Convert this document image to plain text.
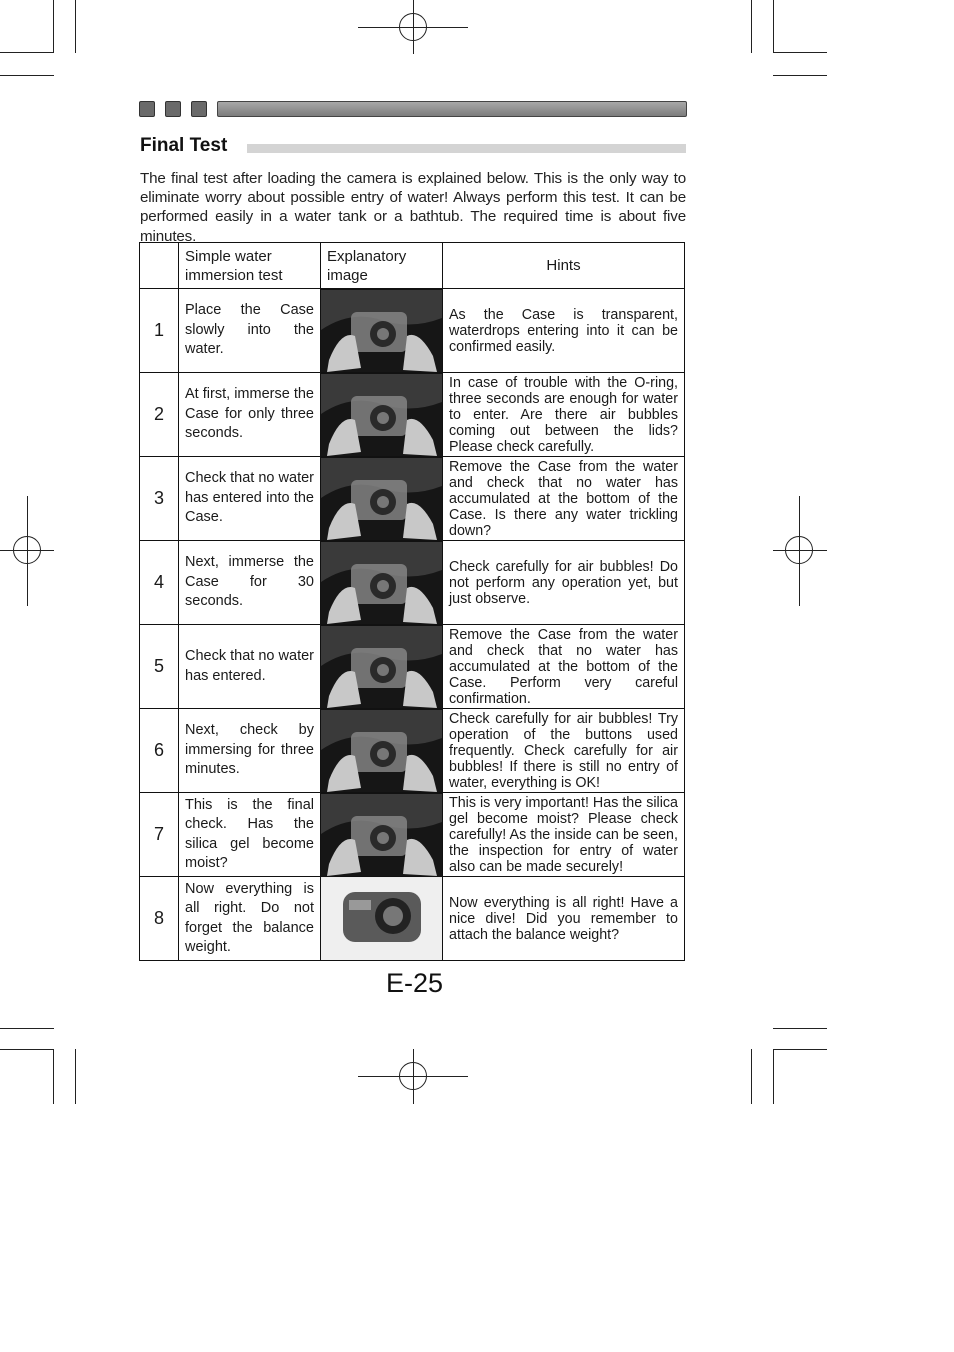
Final Test
The final test after loading the camera is explained below. This is the only way to eliminate worry about possible entry of water! Always perform this test. It can be performed easily in a water tank or a bathtub. The required time is about five minutes.
	Simple water immersion test	Explanatory image	Hints
1	Place the Case slowly into the water.		As the Case is transparent, waterdrops entering into it can be confirmed easily.
2	At first, immerse the Case for only three seconds.		In case of trouble with the O-ring, three seconds are enough for water to enter. Are there air bubbles coming out between the lids? Please check carefully.
3	Check that no water has entered into the Case.		Remove the Case from the water and check that no water has accumulated at the bottom of the Case. Is there any water trickling down?
4	Next, immerse the Case for 30 seconds.		Check carefully for air bubbles! Do not perform any operation yet, but just observe.
5	Check that no water has entered.		Remove the Case from the water and check that no water has accumulated at the bottom of the Case. Perform very careful confirmation.
6	Next, check by immersing for three minutes.		Check carefully for air bubbles! Try operation of the buttons used frequently. Check carefully for air bubbles! If there is still no entry of water, everything is OK!
7	This is the final check. Has the silica gel become moist?		This is very important! Has the silica gel become moist? Please check carefully! As the inside can be seen, the inspection for entry of water also can be made securely!
8	Now everything is all right. Do not forget the balance weight.		Now everything is all right! Have a nice dive! Did you remember to attach the balance weight?
E-25
